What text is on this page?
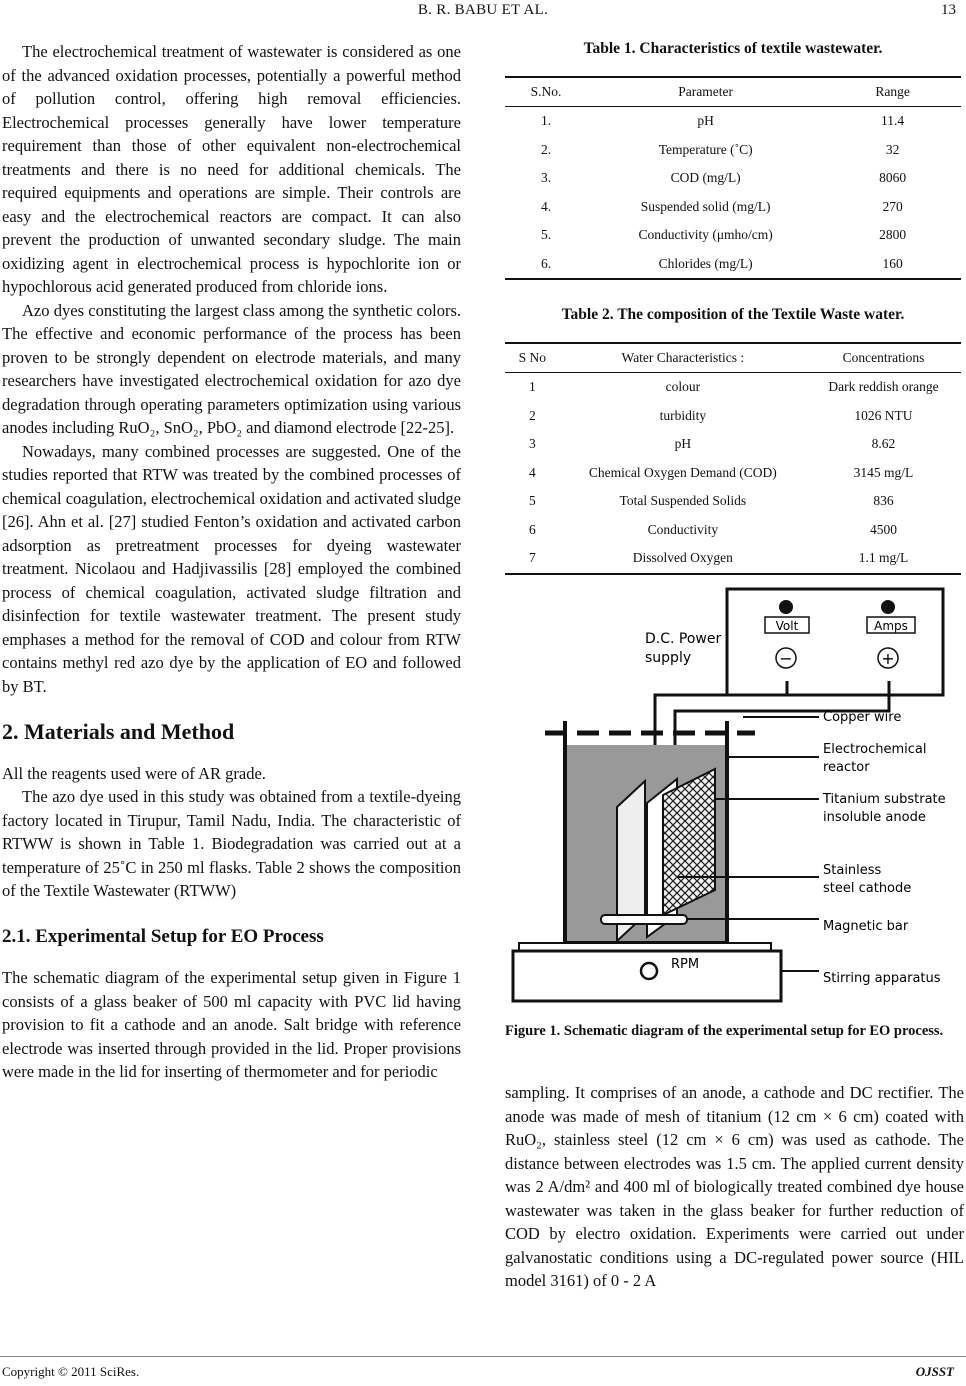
B. R. BABU ET AL.	13

The electrochemical treatment of wastewater is considered as one of the advanced oxidation processes, potentially a powerful method of pollution control, offering high removal efficiencies. Electrochemical processes generally have lower temperature requirement than those of other equivalent non-electrochemical treatments and there is no need for additional chemicals. The required equipments and operations are simple. Their controls are easy and the electrochemical reactors are compact. It can also prevent the production of unwanted secondary sludge. The main oxidizing agent in electrochemical process is hypochlorite ion or hypochlorous acid generated produced from chloride ions.

Azo dyes constituting the largest class among the synthetic colors. The effective and economic performance of the process has been proven to be strongly dependent on electrode materials, and many researchers have investigated electrochemical oxidation for azo dye degradation through operating parameters optimization using various anodes including RuO₂, SnO₂, PbO₂ and diamond electrode [22-25].

Nowadays, many combined processes are suggested. One of the studies reported that RTW was treated by the combined processes of chemical coagulation, electrochemical oxidation and activated sludge [26]. Ahn et al. [27] studied Fenton’s oxidation and activated carbon adsorption as pretreatment processes for dyeing wastewater treatment. Nicolaou and Hadjivassilis [28] employed the combined process of chemical coagulation, activated sludge filtration and disinfection for textile wastewater treatment. The present study emphases a method for the removal of COD and colour from RTW contains methyl red azo dye by the application of EO and followed by BT.

2. Materials and Method

All the reagents used were of AR grade.

The azo dye used in this study was obtained from a textile-dyeing factory located in Tirupur, Tamil Nadu, India. The characteristic of RTWW is shown in Table 1. Biodegradation was carried out at a temperature of 25˚C in 250 ml flasks. Table 2 shows the composition of the Textile Wastewater (RTWW)

2.1. Experimental Setup for EO Process

The schematic diagram of the experimental setup given in Figure 1 consists of a glass beaker of 500 ml capacity with PVC lid having provision to fit a cathode and an anode. Salt bridge with reference electrode was inserted through provided in the lid. Proper provisions were made in the lid for inserting of thermometer and for periodic

Table 1. Characteristics of textile wastewater.

S.No.	Parameter	Range
1.	pH	11.4
2.	Temperature (˚C)	32
3.	COD (mg/L)	8060
4.	Suspended solid (mg/L)	270
5.	Conductivity (μmho/cm)	2800
6.	Chlorides (mg/L)	160

Table 2. The composition of the Textile Waste water.

S No	Water Characteristics :	Concentrations
1	colour	Dark reddish orange
2	turbidity	1026 NTU
3	pH	8.62
4	Chemical Oxygen Demand (COD)	3145 mg/L
5	Total Suspended Solids	836
6	Conductivity	4500
7	Dissolved Oxygen	1.1 mg/L
Volt	Amps
−	+
D.C. Power
supply
RPM
Copper wire
Electrochemical
reactor
Titanium substrate
insoluble anode
Stainless
steel cathode
Magnetic bar
Stirring apparatus
Figure 1. Schematic diagram of the experimental setup for EO process.

sampling. It comprises of an anode, a cathode and DC rectifier. The anode was made of mesh of titanium (12 cm × 6 cm) coated with RuO₂, stainless steel (12 cm × 6 cm) was used as cathode. The distance between electrodes was 1.5 cm. The applied current density was 2 A/dm² and 400 ml of biologically treated combined dye house wastewater was taken in the glass beaker for further reduction of COD by electro oxidation. Experiments were carried out under galvanostatic conditions using a DC-regulated power source (HIL model 3161) of 0 - 2 A

Copyright © 2011 SciRes.	OJSST
